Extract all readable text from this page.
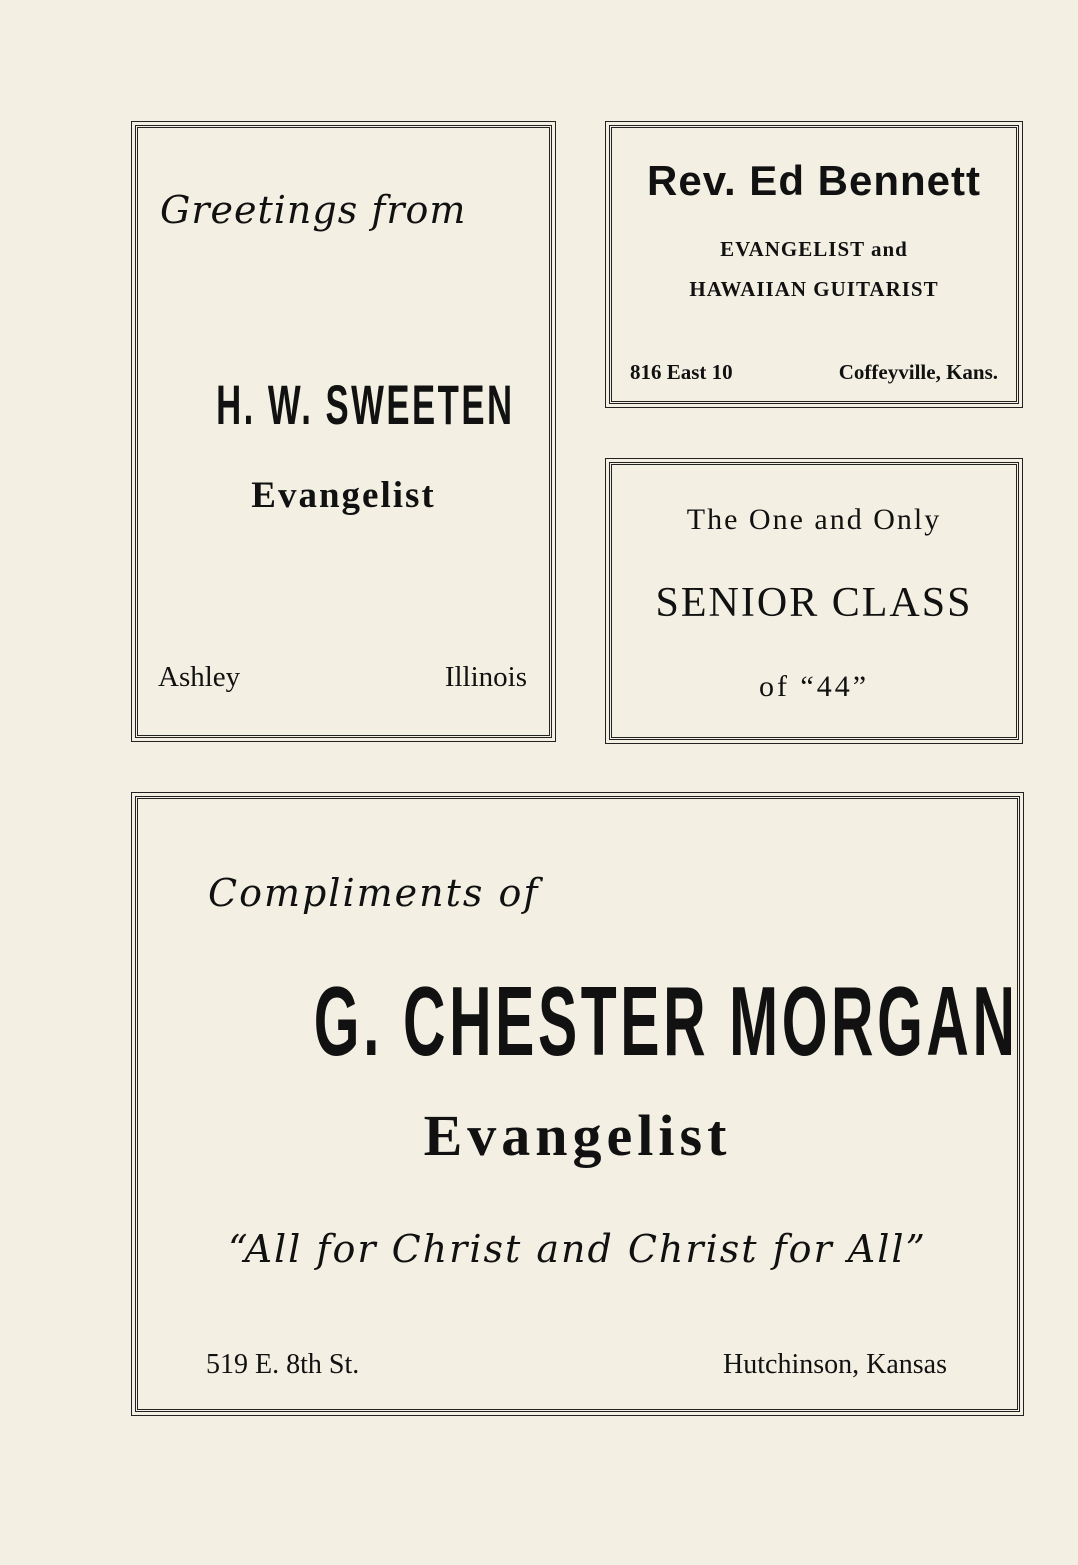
Greetings from
H. W. SWEETEN
Evangelist
Ashley	Illinois
Rev. Ed Bennett
EVANGELIST and
HAWAIIAN GUITARIST
816 East 10	Coffeyville, Kans.
The One and Only
SENIOR CLASS
of “44”
Compliments of
G. CHESTER MORGAN
Evangelist
“All for Christ and Christ for All”
519 E. 8th St.	Hutchinson, Kansas
